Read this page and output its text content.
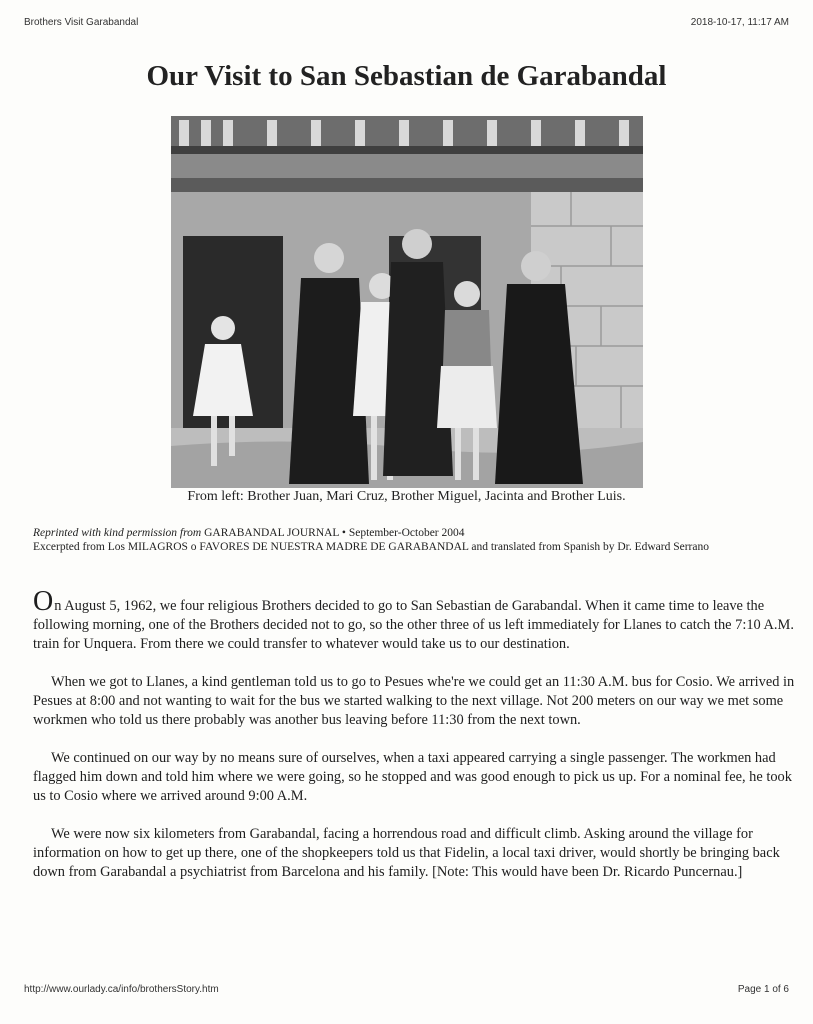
Brothers Visit Garabandal	2018-10-17, 11:17 AM
Our Visit to San Sebastian de Garabandal
From left: Brother Juan, Mari Cruz, Brother Miguel, Jacinta and Brother Luis.

Reprinted with kind permission from GARABANDAL JOURNAL • September-October 2004

Excerpted from Los MILAGROS o FAVORES DE NUESTRA MADRE DE GARABANDAL and translated from Spanish by Dr. Edward Serrano

On August 5, 1962, we four religious Brothers decided to go to San Sebastian de Garabandal. When it came time to leave the following morning, one of the Brothers decided not to go, so the other three of us left immediately for Llanes to catch the 7:10 A.M. train for Unquera. From there we could transfer to whatever would take us to our destination.

When we got to Llanes, a kind gentleman told us to go to Pesues whe're we could get an 11:30 A.M. bus for Cosio. We arrived in Pesues at 8:00 and not wanting to wait for the bus we started walking to the next village. Not 200 meters on our way we met some workmen who told us there probably was another bus leaving before 11:30 from the next town.

We continued on our way by no means sure of ourselves, when a taxi appeared carrying a single passenger. The workmen had flagged him down and told him where we were going, so he stopped and was good enough to pick us up. For a nominal fee, he took us to Cosio where we arrived around 9:00 A.M.

We were now six kilometers from Garabandal, facing a horrendous road and difficult climb. Asking around the village for information on how to get up there, one of the shopkeepers told us that Fidelin, a local taxi driver, would shortly be bringing back down from Garabandal a psychiatrist from Barcelona and his family. [Note: This would have been Dr. Ricardo Puncernau.]

http://www.ourlady.ca/info/brothersStory.htm	Page 1 of 6
